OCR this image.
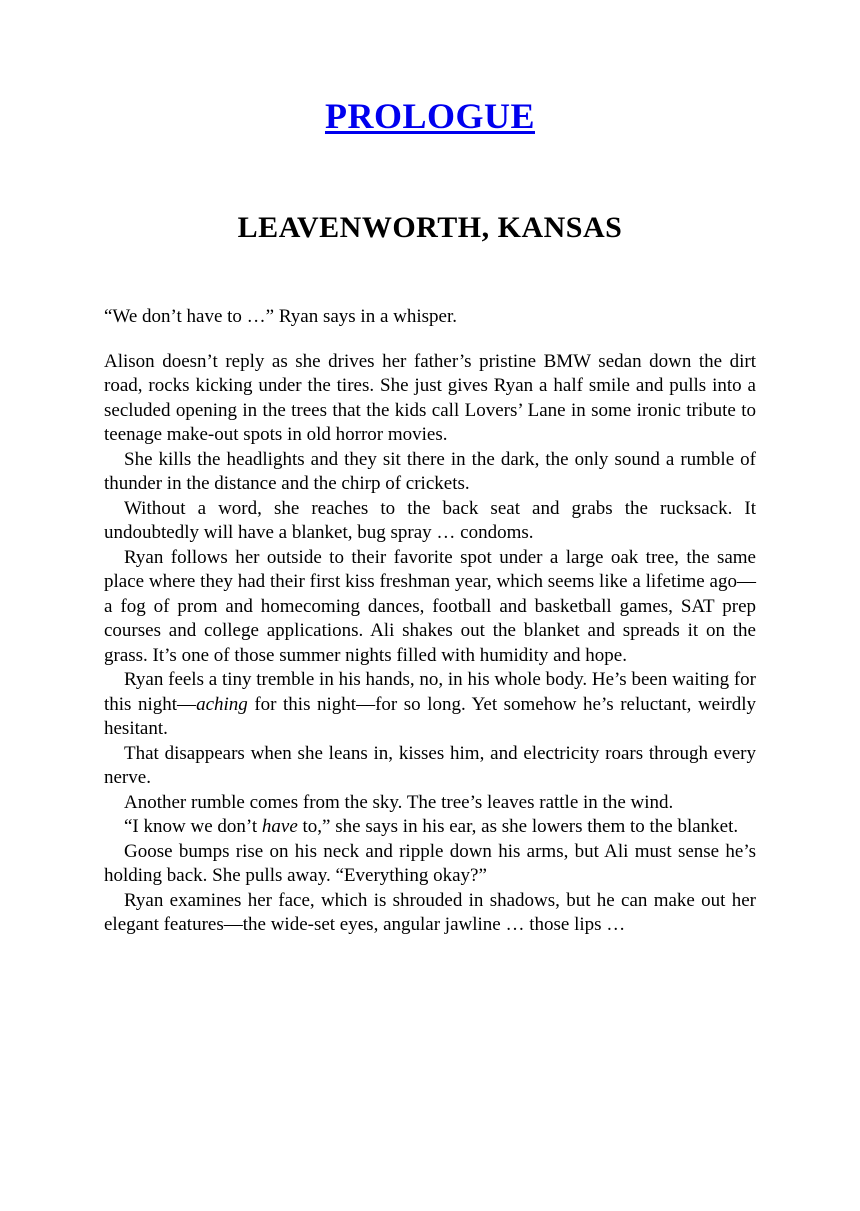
PROLOGUE
LEAVENWORTH, KANSAS

“We don’t have to …” Ryan says in a whisper.

Alison doesn’t reply as she drives her father’s pristine BMW sedan down the dirt road, rocks kicking under the tires. She just gives Ryan a half smile and pulls into a secluded opening in the trees that the kids call Lovers’ Lane in some ironic tribute to teenage make-out spots in old horror movies.

She kills the headlights and they sit there in the dark, the only sound a rumble of thunder in the distance and the chirp of crickets.

Without a word, she reaches to the back seat and grabs the rucksack. It undoubtedly will have a blanket, bug spray … condoms.

Ryan follows her outside to their favorite spot under a large oak tree, the same place where they had their first kiss freshman year, which seems like a lifetime ago—a fog of prom and homecoming dances, football and basketball games, SAT prep courses and college applications. Ali shakes out the blanket and spreads it on the grass. It’s one of those summer nights filled with humidity and hope.

Ryan feels a tiny tremble in his hands, no, in his whole body. He’s been waiting for this night—aching for this night—for so long. Yet somehow he’s reluctant, weirdly hesitant.

That disappears when she leans in, kisses him, and electricity roars through every nerve.

Another rumble comes from the sky. The tree’s leaves rattle in the wind.

“I know we don’t have to,” she says in his ear, as she lowers them to the blanket.

Goose bumps rise on his neck and ripple down his arms, but Ali must sense he’s holding back. She pulls away. “Everything okay?”

Ryan examines her face, which is shrouded in shadows, but he can make out her elegant features—the wide-set eyes, angular jawline … those lips …
